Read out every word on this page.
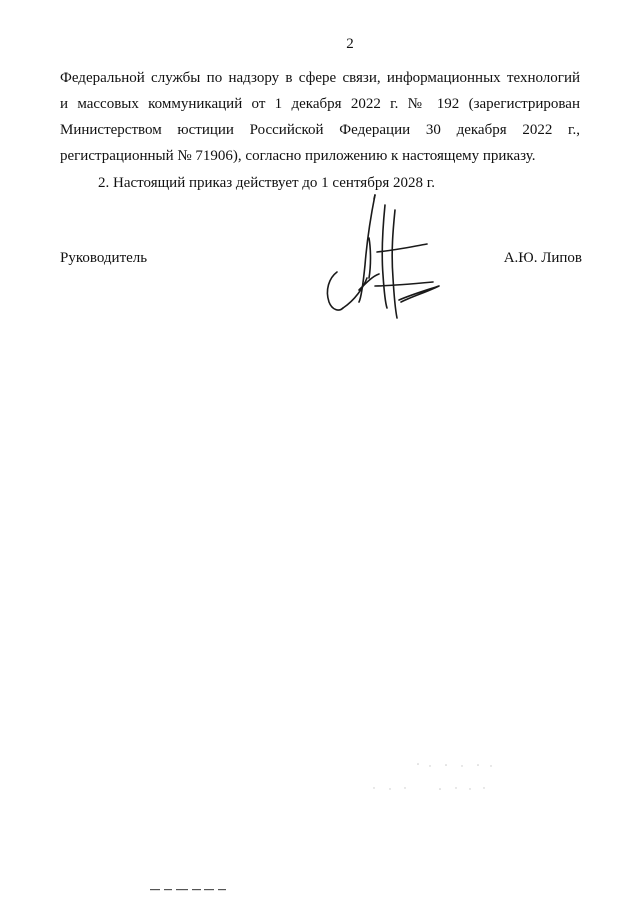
2
Федеральной службы по надзору в сфере связи, информационных технологий
и массовых коммуникаций от 1 декабря 2022 г. № 192 (зарегистрирован
Министерством юстиции Российской Федерации 30 декабря 2022 г.,
регистрационный № 71906), согласно приложению к настоящему приказу.
2. Настоящий приказ действует до 1 сентября 2028 г.
Руководитель	А.Ю. Липов
